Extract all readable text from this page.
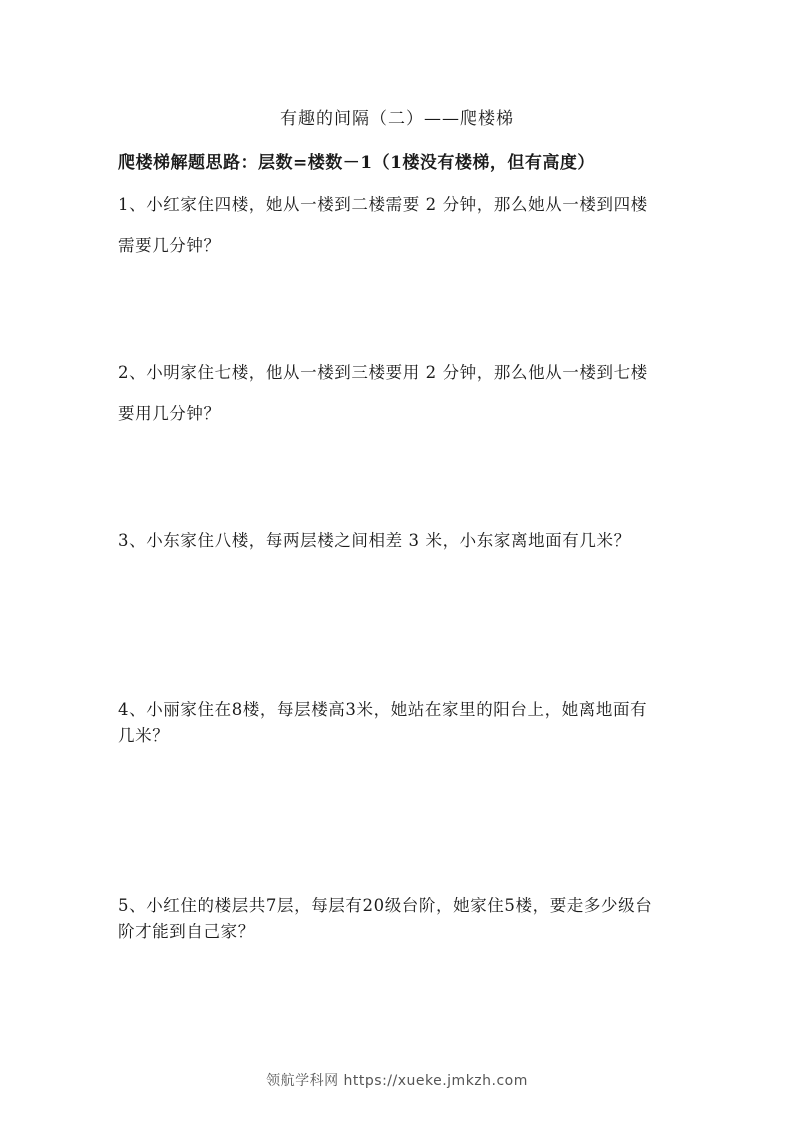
有趣的间隔（二）——爬楼梯
爬楼梯解题思路：层数=楼数－1（1楼没有楼梯，但有高度）
1、小红家住四楼，她从一楼到二楼需要 2 分钟，那么她从一楼到四楼
需要几分钟？
2、小明家住七楼，他从一楼到三楼要用 2 分钟，那么他从一楼到七楼
要用几分钟？
3、小东家住八楼，每两层楼之间相差 3 米，小东家离地面有几米？
4、小丽家住在8楼，每层楼高3米，她站在家里的阳台上，她离地面有
几米？
5、小红住的楼层共7层，每层有20级台阶，她家住5楼，要走多少级台
阶才能到自己家？
领航学科网 https://xueke.jmkzh.com
